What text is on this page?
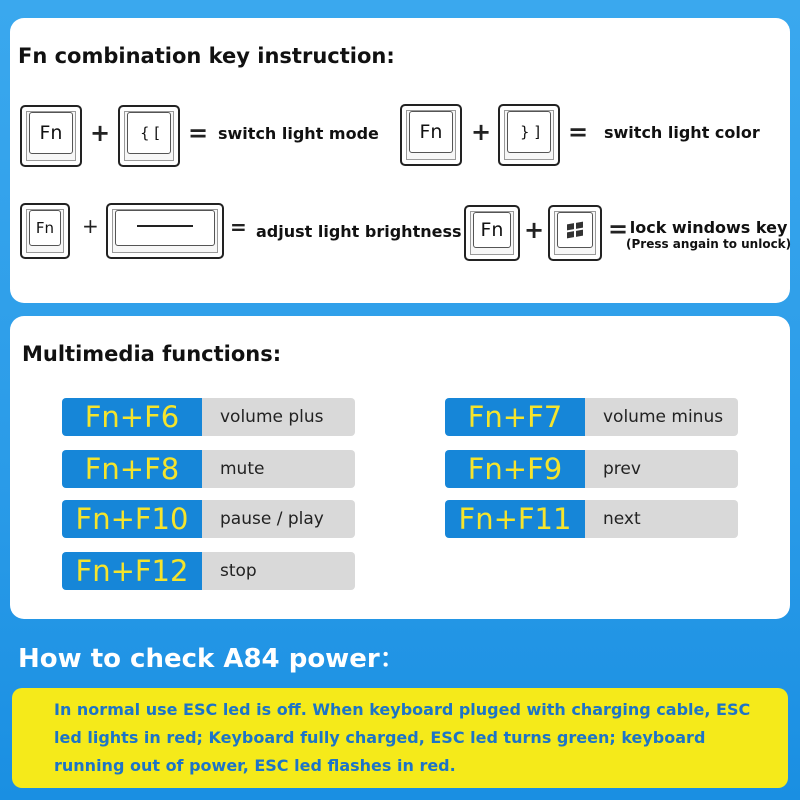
Fn combination key instruction:
Fn	+	{ [	= switch light mode	Fn	+	} ]	= switch light color
Fn	+	= adjust light brightness Fn +	= lock windows key
(Press angain to unlock)
Multimedia functions:
Fn+F6	volume plus	Fn+F7	volume minus
Fn+F8	mute	Fn+F9	prev
Fn+F10	pause / play	Fn+F11	next
Fn+F12	stop
How to check A84 power：

In normal use ESC led is off. When keyboard pluged with charging cable, ESC led lights in red; Keyboard fully charged, ESC led turns green; keyboard running out of power, ESC led flashes in red.
